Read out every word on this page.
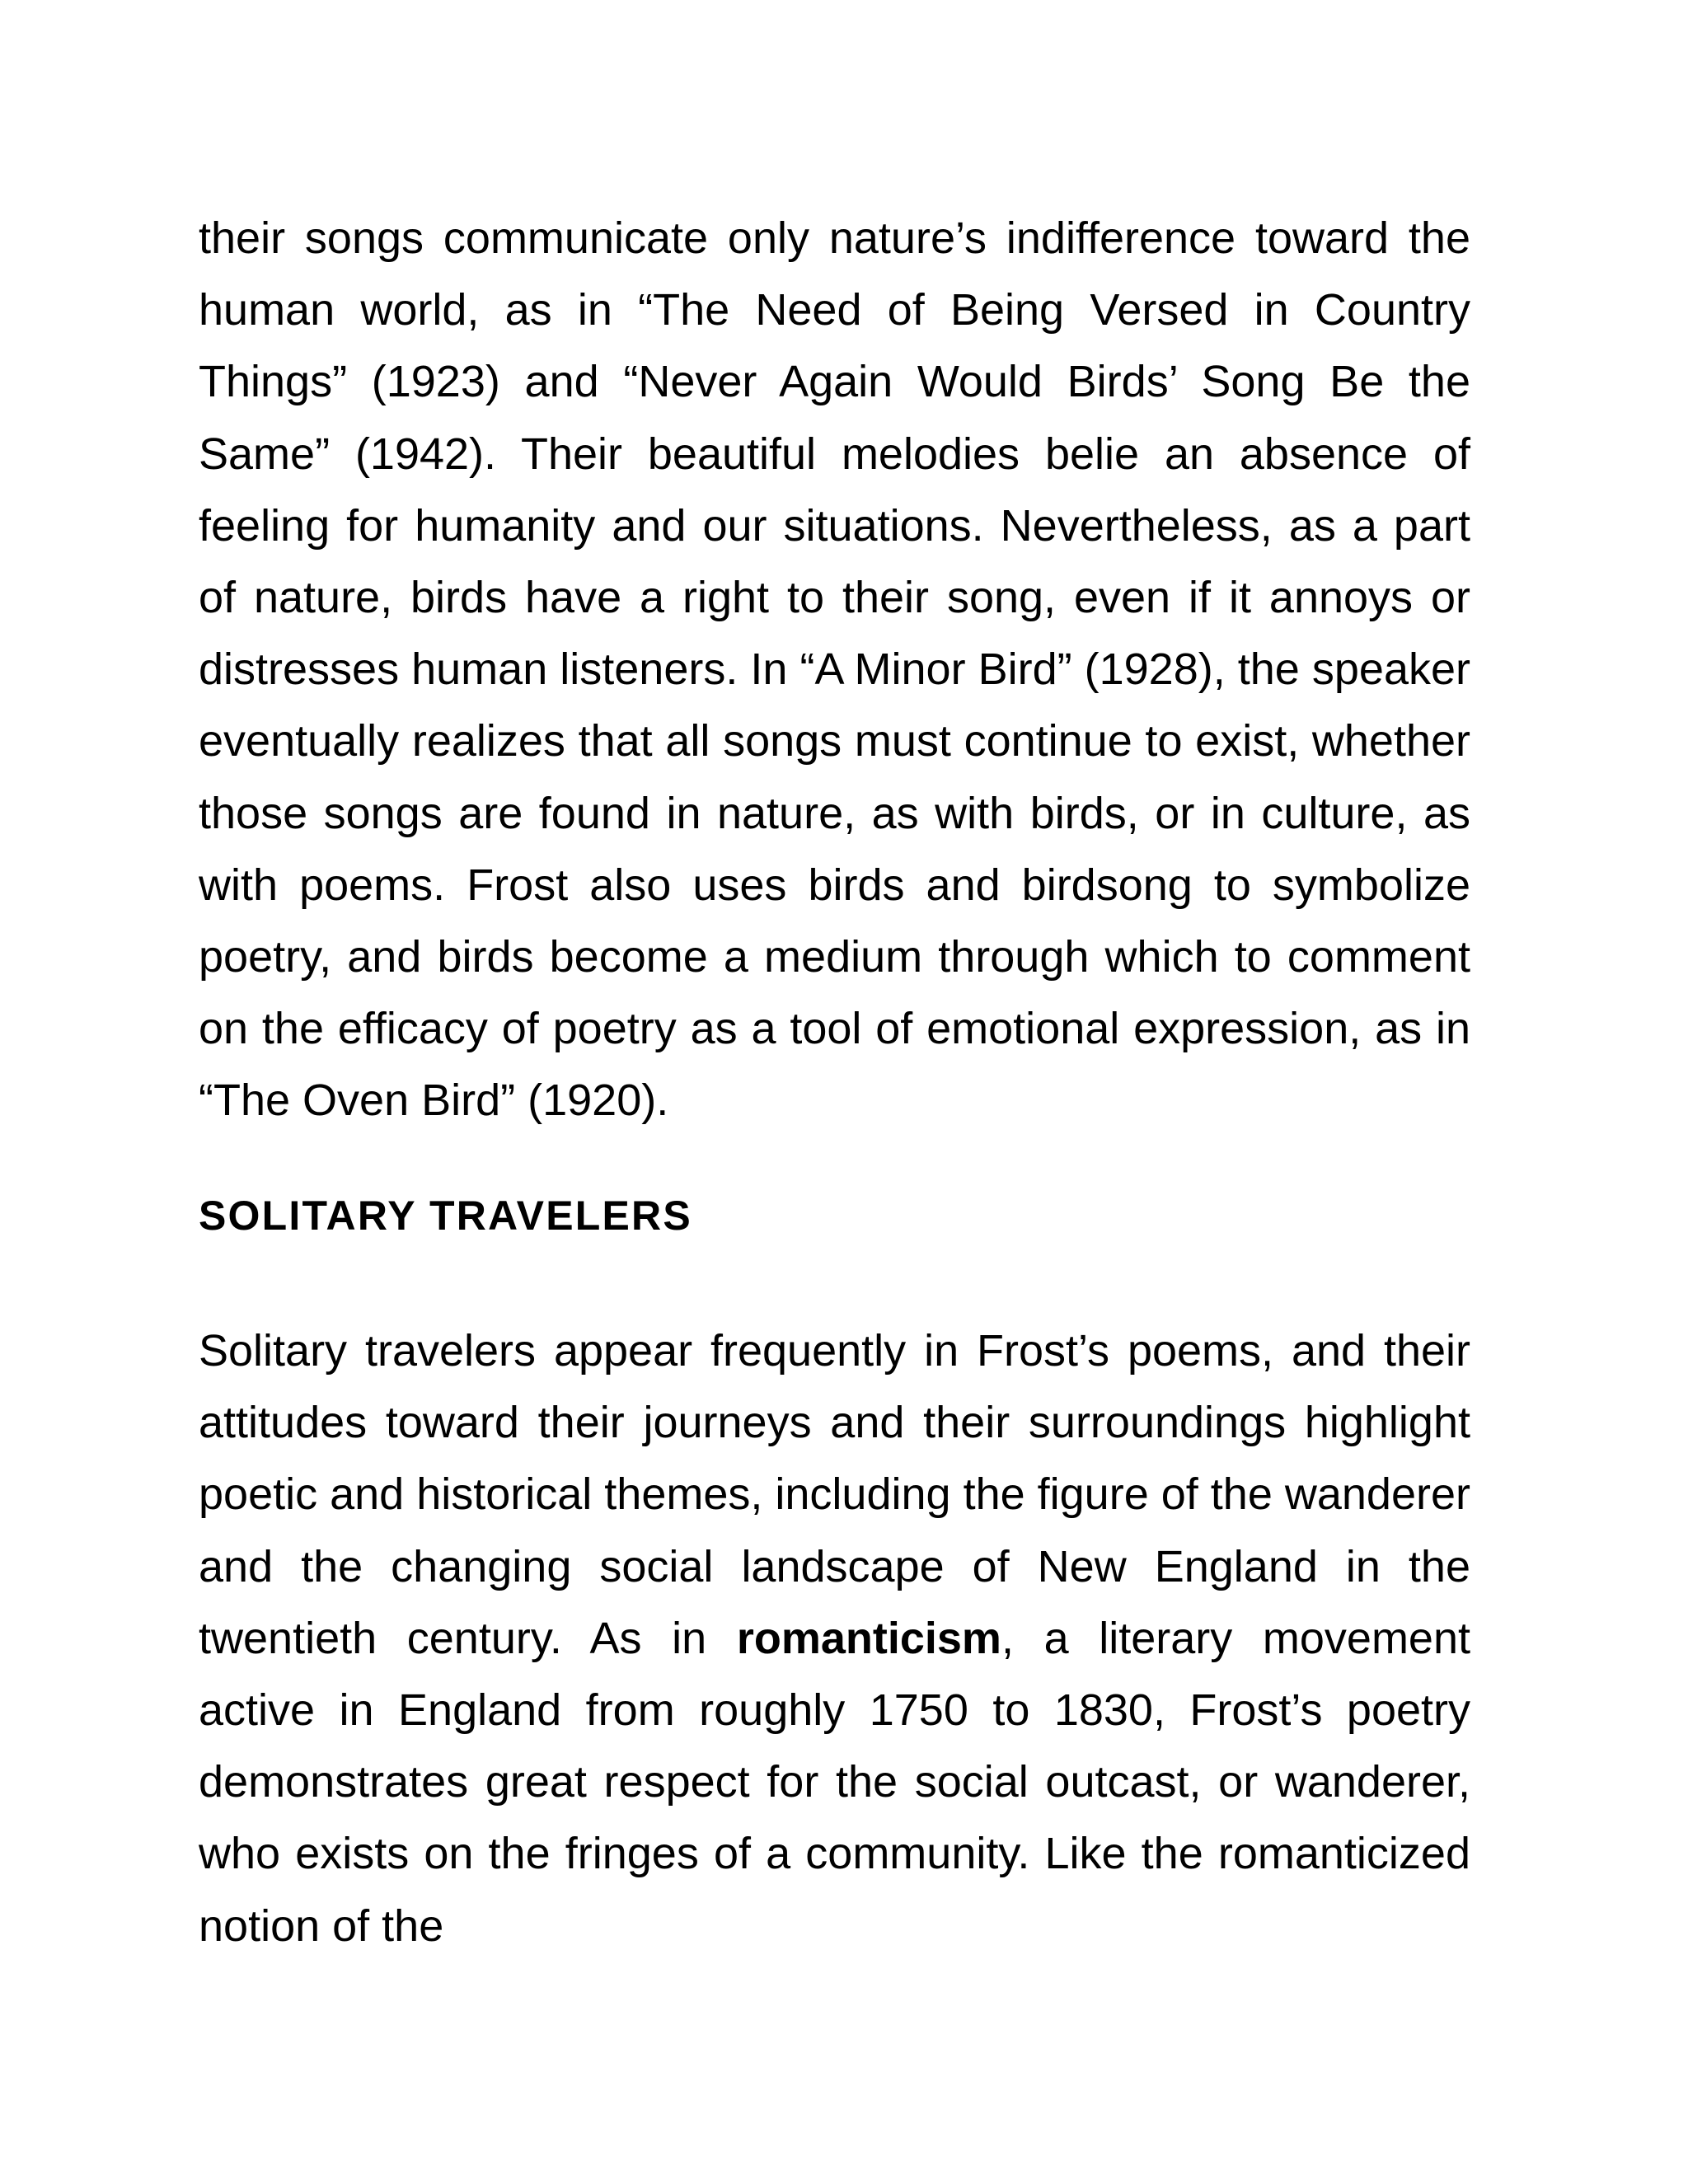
their songs communicate only nature’s indifference toward the human world, as in “The Need of Being Versed in Country Things” (1923) and “Never Again Would Birds’ Song Be the Same” (1942). Their beautiful melodies belie an absence of feeling for humanity and our situations. Nevertheless, as a part of nature, birds have a right to their song, even if it annoys or distresses human listeners. In “A Minor Bird” (1928), the speaker eventually realizes that all songs must continue to exist, whether those songs are found in nature, as with birds, or in culture, as with poems. Frost also uses birds and birdsong to symbolize poetry, and birds become a medium through which to comment on the efficacy of poetry as a tool of emotional expression, as in “The Oven Bird” (1920).

SOLITARY TRAVELERS

Solitary travelers appear frequently in Frost’s poems, and their attitudes toward their journeys and their surroundings highlight poetic and historical themes, including the figure of the wanderer and the changing social landscape of New England in the twentieth century. As in romanticism, a literary movement active in England from roughly 1750 to 1830, Frost’s poetry demonstrates great respect for the social outcast, or wanderer, who exists on the fringes of a community. Like the romanticized notion of the
